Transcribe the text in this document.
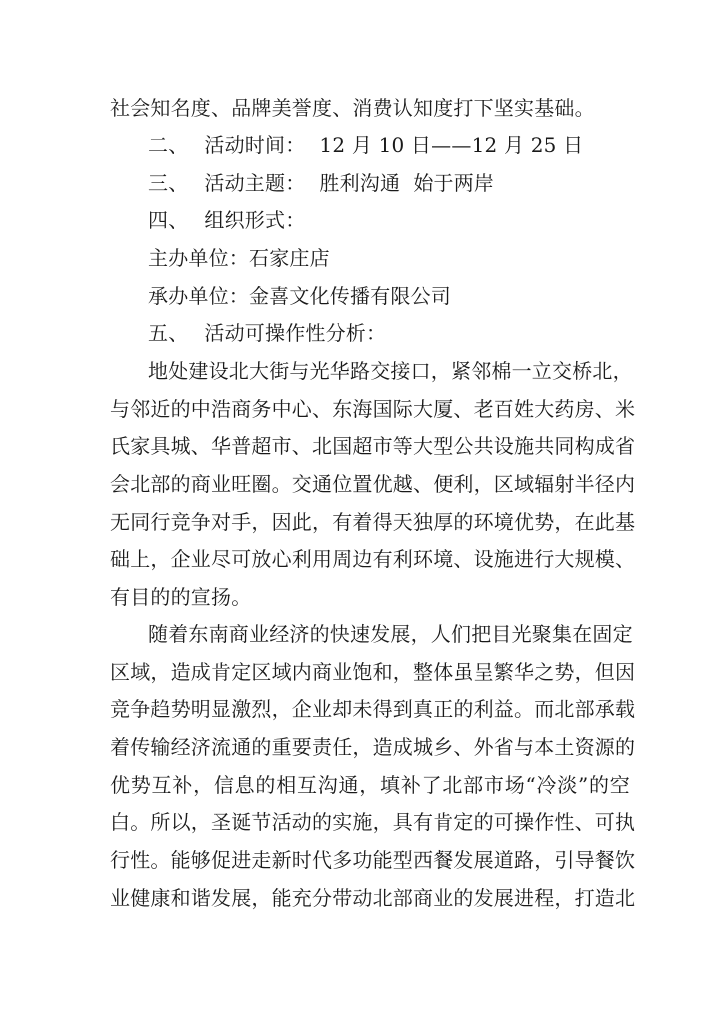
社会知名度、品牌美誉度、消费认知度打下坚实基础。
二、 活动时间： 12 月 10 日——12 月 25 日
三、 活动主题： 胜利沟通  始于两岸
四、 组织形式：
主办单位：石家庄店
承办单位：金喜文化传播有限公司
五、 活动可操作性分析：
地处建设北大街与光华路交接口，紧邻棉一立交桥北，
与邻近的中浩商务中心、东海国际大厦、老百姓大药房、米
氏家具城、华普超市、北国超市等大型公共设施共同构成省
会北部的商业旺圈。交通位置优越、便利，区域辐射半径内
无同行竞争对手，因此，有着得天独厚的环境优势，在此基
础上，企业尽可放心利用周边有利环境、设施进行大规模、
有目的的宣扬。
随着东南商业经济的快速发展，人们把目光聚集在固定
区域，造成肯定区域内商业饱和，整体虽呈繁华之势，但因
竞争趋势明显激烈，企业却未得到真正的利益。而北部承载
着传输经济流通的重要责任，造成城乡、外省与本土资源的
优势互补，信息的相互沟通，填补了北部市场“冷淡”的空
白。所以，圣诞节活动的实施，具有肯定的可操作性、可执
行性。能够促进走新时代多功能型西餐发展道路，引导餐饮
业健康和谐发展，能充分带动北部商业的发展进程，打造北
